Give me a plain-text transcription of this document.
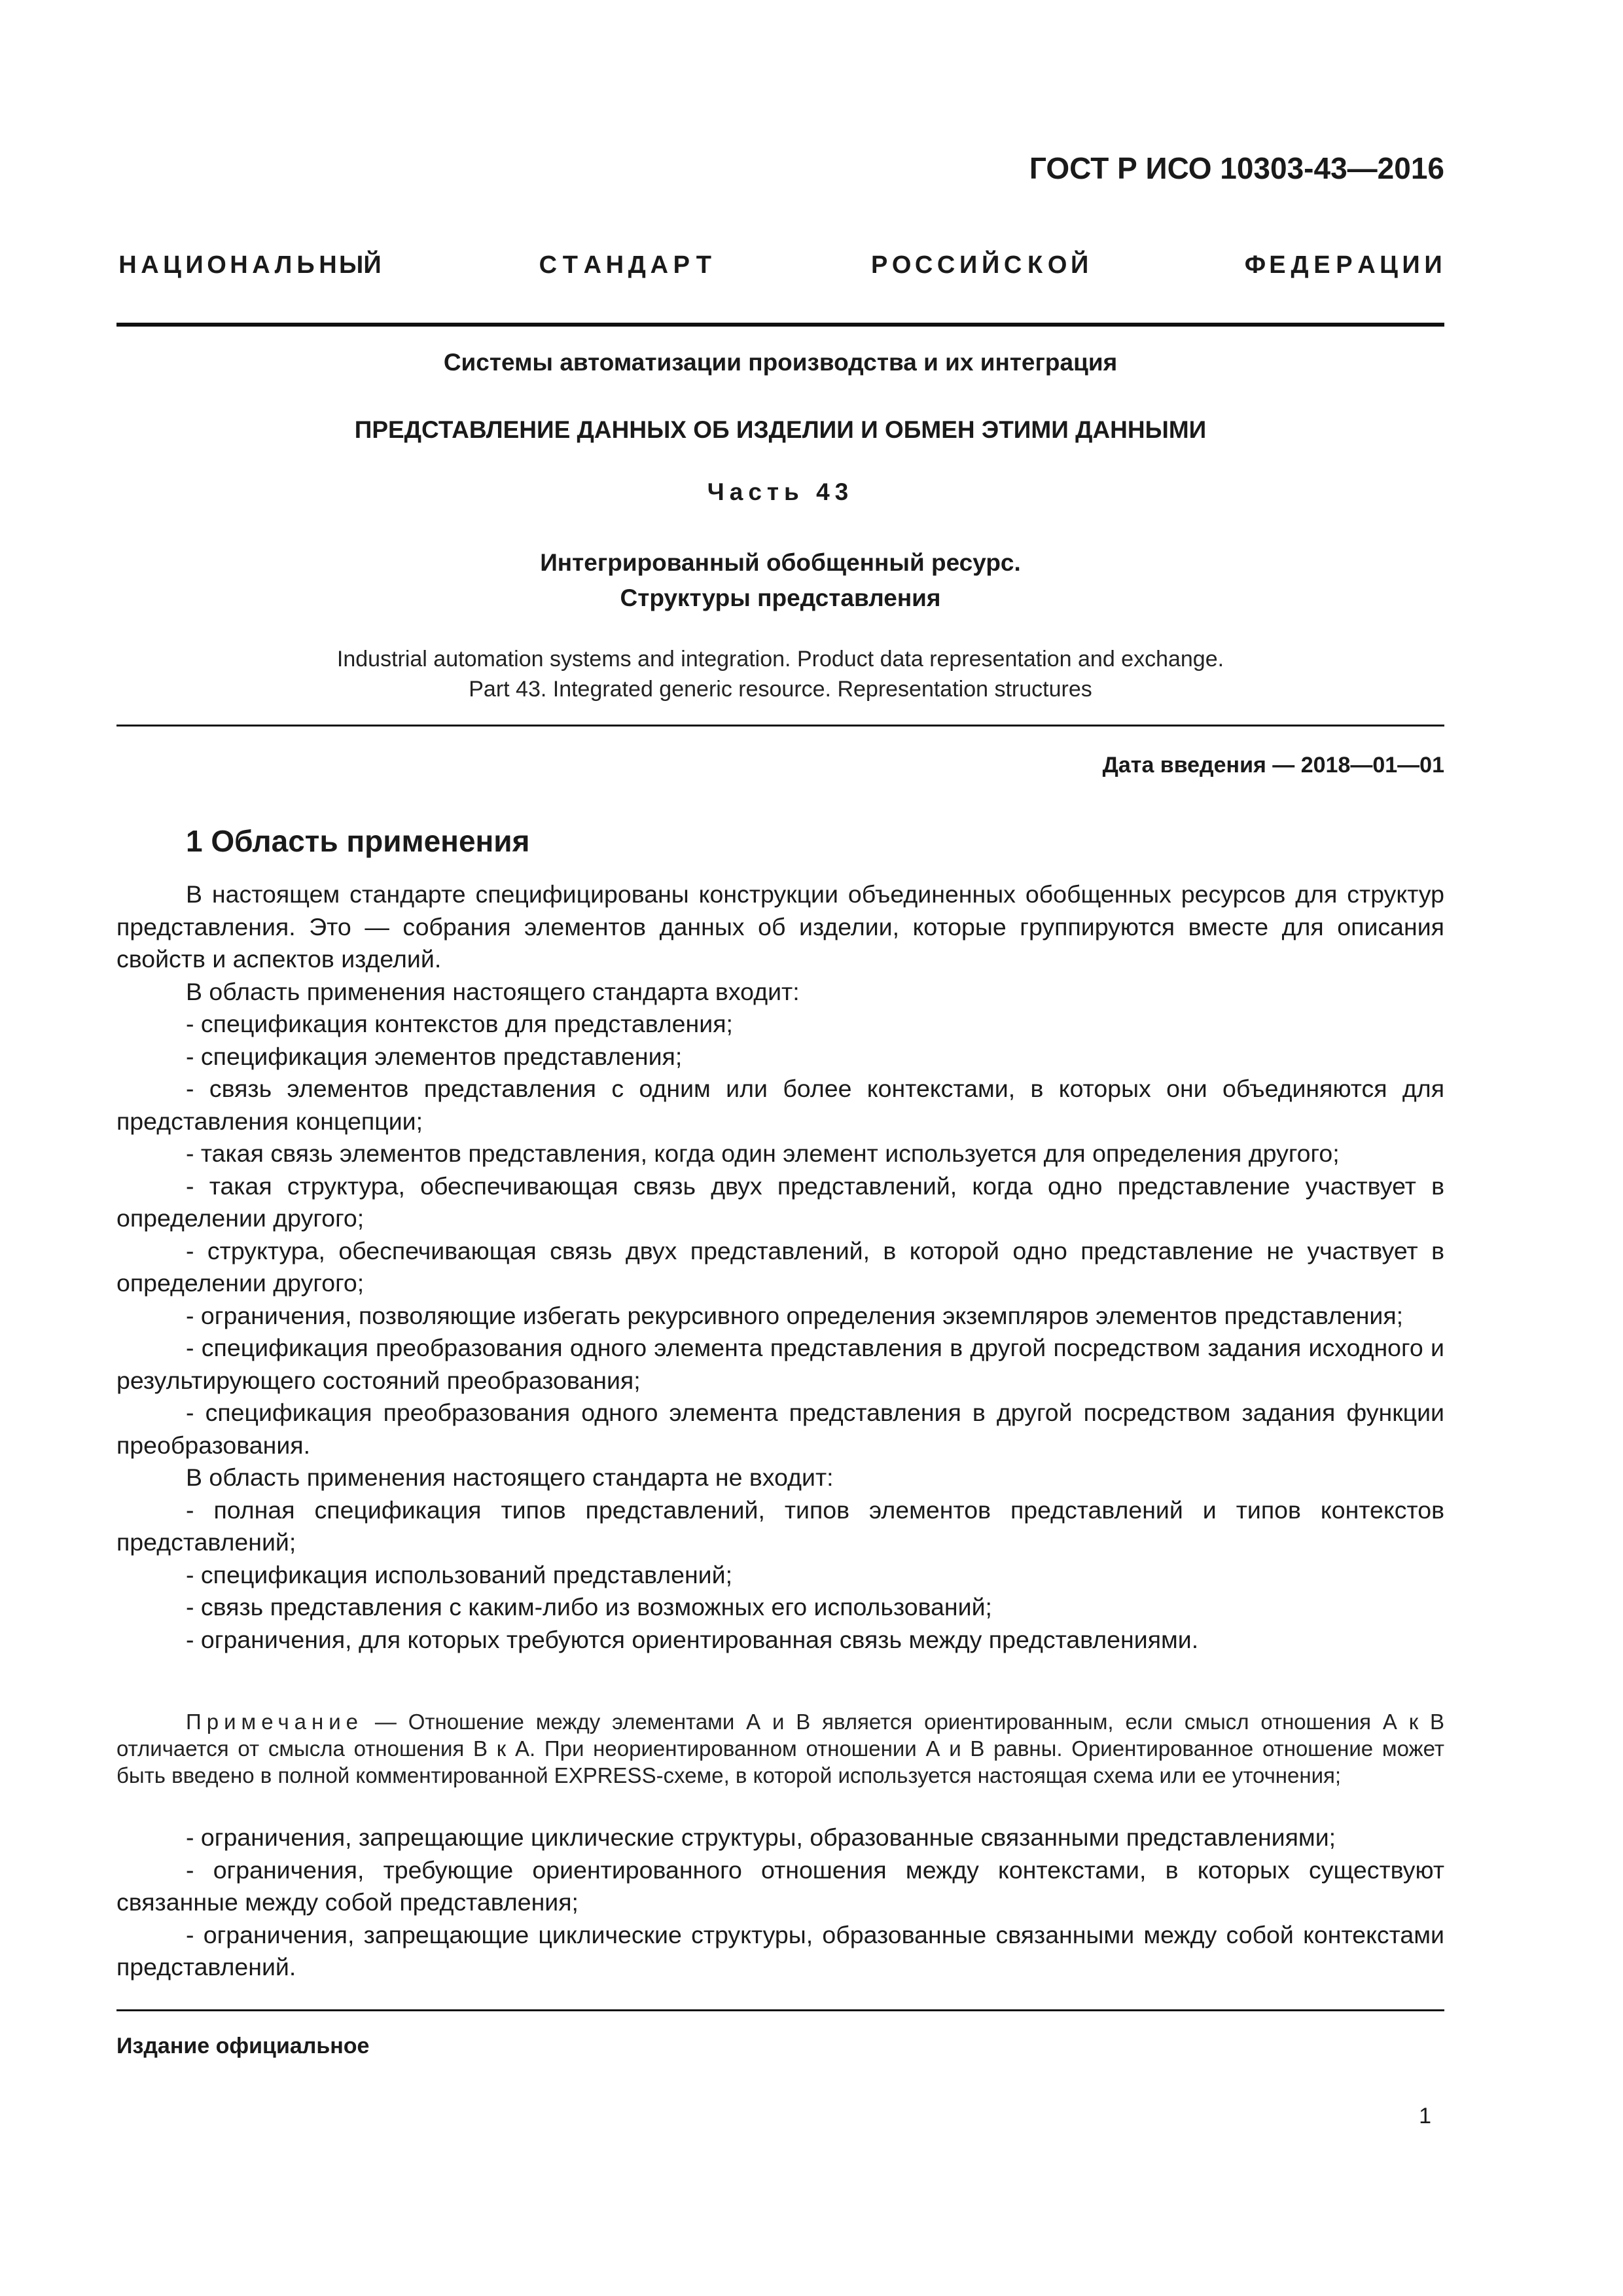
ГОСТ Р ИСО 10303-43—2016
Н А Ц И О Н А Л Ь Н Ы Й	С Т А Н Д А Р Т	Р О С С И Й С К О Й	Ф Е Д Е Р А Ц И И
Системы автоматизации производства и их интеграция
ПРЕДСТАВЛЕНИЕ ДАННЫХ ОБ ИЗДЕЛИИ И ОБМЕН ЭТИМИ ДАННЫМИ
Часть 43
Интегрированный обобщенный ресурс.
Структуры представления
Industrial automation systems and integration. Product data representation and exchange.
Part 43. Integrated generic resource. Representation structures
Дата введения — 2018—01—01
1 Область применения

В настоящем стандарте специфицированы конструкции объединенных обобщенных ресурсов для структур представления. Это — собрания элементов данных об изделии, которые группируются вместе для описания свойств и аспектов изделий.

В область применения настоящего стандарта входит:

- спецификация контекстов для представления;

- спецификация элементов представления;

- связь элементов представления с одним или более контекстами, в которых они объединяются для представления концепции;

- такая связь элементов представления, когда один элемент используется для определения другого;

- такая структура, обеспечивающая связь двух представлений, когда одно представление участвует в определении другого;

- структура, обеспечивающая связь двух представлений, в которой одно представление не участвует в определении другого;

- ограничения, позволяющие избегать рекурсивного определения экземпляров элементов представления;

- спецификация преобразования одного элемента представления в другой посредством задания исходного и результирующего состояний преобразования;

- спецификация преобразования одного элемента представления в другой посредством задания функции преобразования.

В область применения настоящего стандарта не входит:

- полная спецификация типов представлений, типов элементов представлений и типов контекстов представлений;

- спецификация использований представлений;

- связь представления с каким-либо из возможных его использований;

- ограничения, для которых требуются ориентированная связь между представлениями.

Примечание — Отношение между элементами А и В является ориентированным, если смысл отношения А к В отличается от смысла отношения В к А. При неориентированном отношении А и В равны. Ориентированное отношение может быть введено в полной комментированной EXPRESS-схеме, в которой используется настоящая схема или ее уточнения;

- ограничения, запрещающие циклические структуры, образованные связанными представлениями;

- ограничения, требующие ориентированного отношения между контекстами, в которых существуют связанные между собой представления;

- ограничения, запрещающие циклические структуры, образованные связанными между собой контекстами представлений.

Издание официальное
1
